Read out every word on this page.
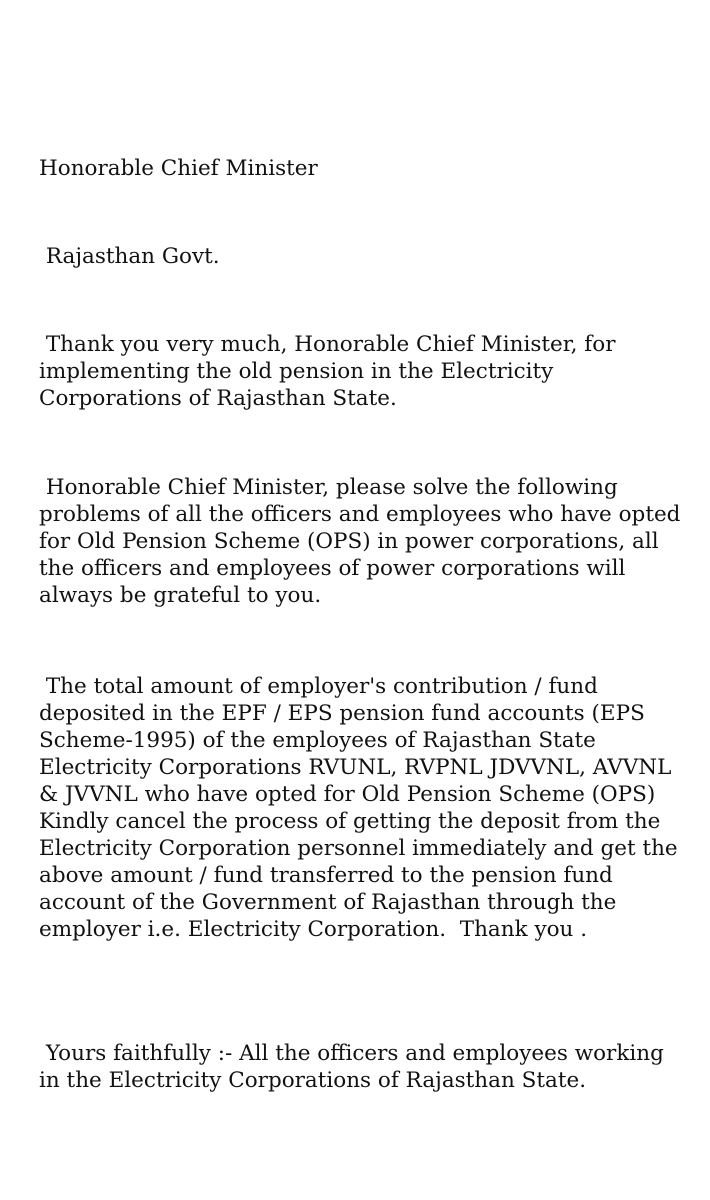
Honorable Chief Minister

Rajasthan Govt.

Thank you very much, Honorable Chief Minister, for implementing the old pension in the Electricity Corporations of Rajasthan State.

Honorable Chief Minister, please solve the following problems of all the officers and employees who have opted for Old Pension Scheme (OPS) in power corporations, all the officers and employees of power corporations will always be grateful to you.

The total amount of employer's contribution / fund deposited in the EPF / EPS pension fund accounts (EPS Scheme-1995) of the employees of Rajasthan State Electricity Corporations RVUNL, RVPNL JDVVNL, AVVNL & JVVNL who have opted for Old Pension Scheme (OPS)  Kindly cancel the process of getting the deposit from the Electricity Corporation personnel immediately and get the above amount / fund transferred to the pension fund account of the Government of Rajasthan through the employer i.e. Electricity Corporation.  Thank you .

Yours faithfully :- All the officers and employees working in the Electricity Corporations of Rajasthan State.
